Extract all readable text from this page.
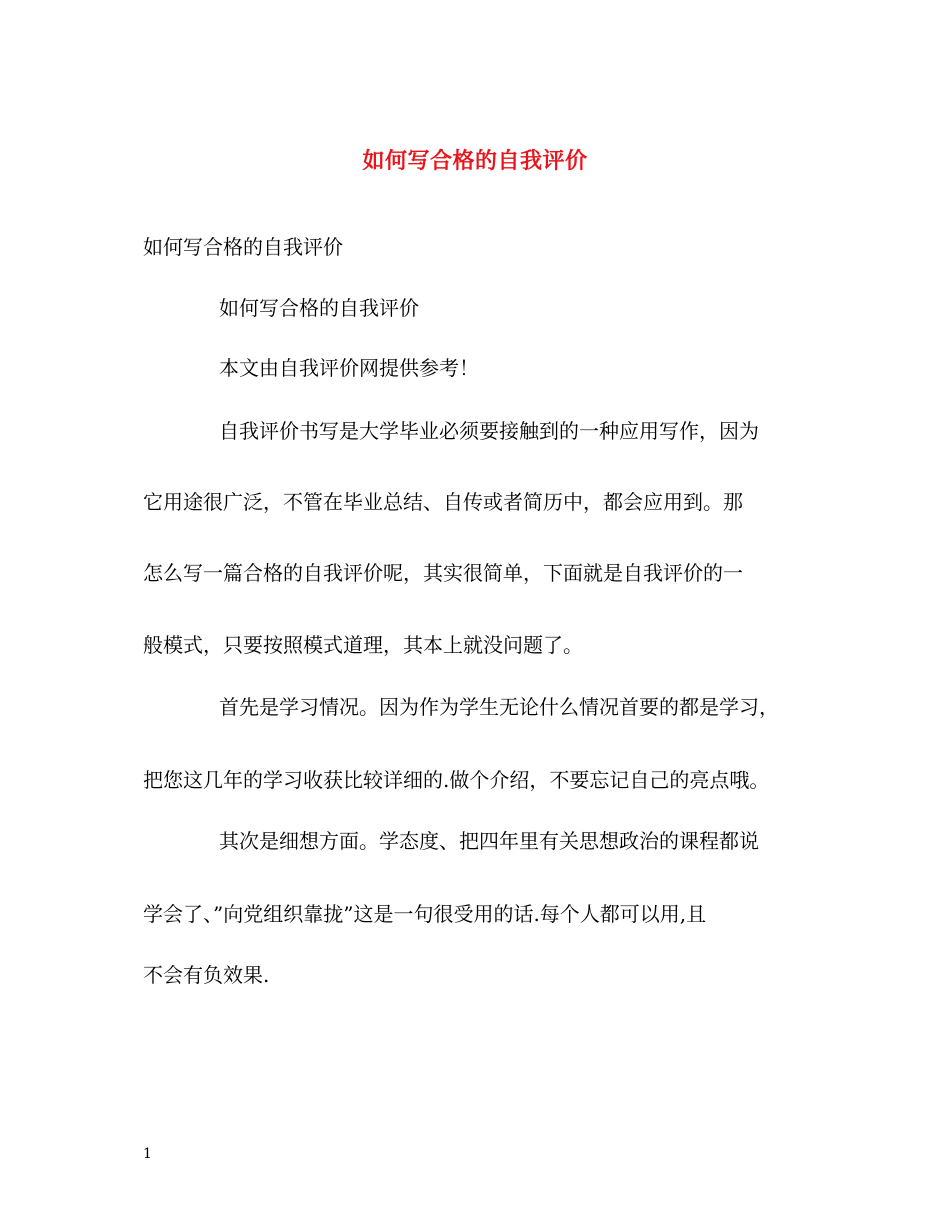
如何写合格的自我评价
如何写合格的自我评价
如何写合格的自我评价
本文由自我评价网提供参考！
自我评价书写是大学毕业必须要接触到的一种应用写作，因为
它用途很广泛，不管在毕业总结、自传或者简历中，都会应用到。那
怎么写一篇合格的自我评价呢，其实很简单，下面就是自我评价的一
般模式，只要按照模式道理，其本上就没问题了。
首先是学习情况。因为作为学生无论什么情况首要的都是学习，
把您这几年的学习收获比较详细的.做个介绍，不要忘记自己的亮点哦。
其次是细想方面。学态度、把四年里有关思想政治的课程都说
学会了、”向党组织靠拢”这是一句很受用的话.每个人都可以用,且
不会有负效果.
1
